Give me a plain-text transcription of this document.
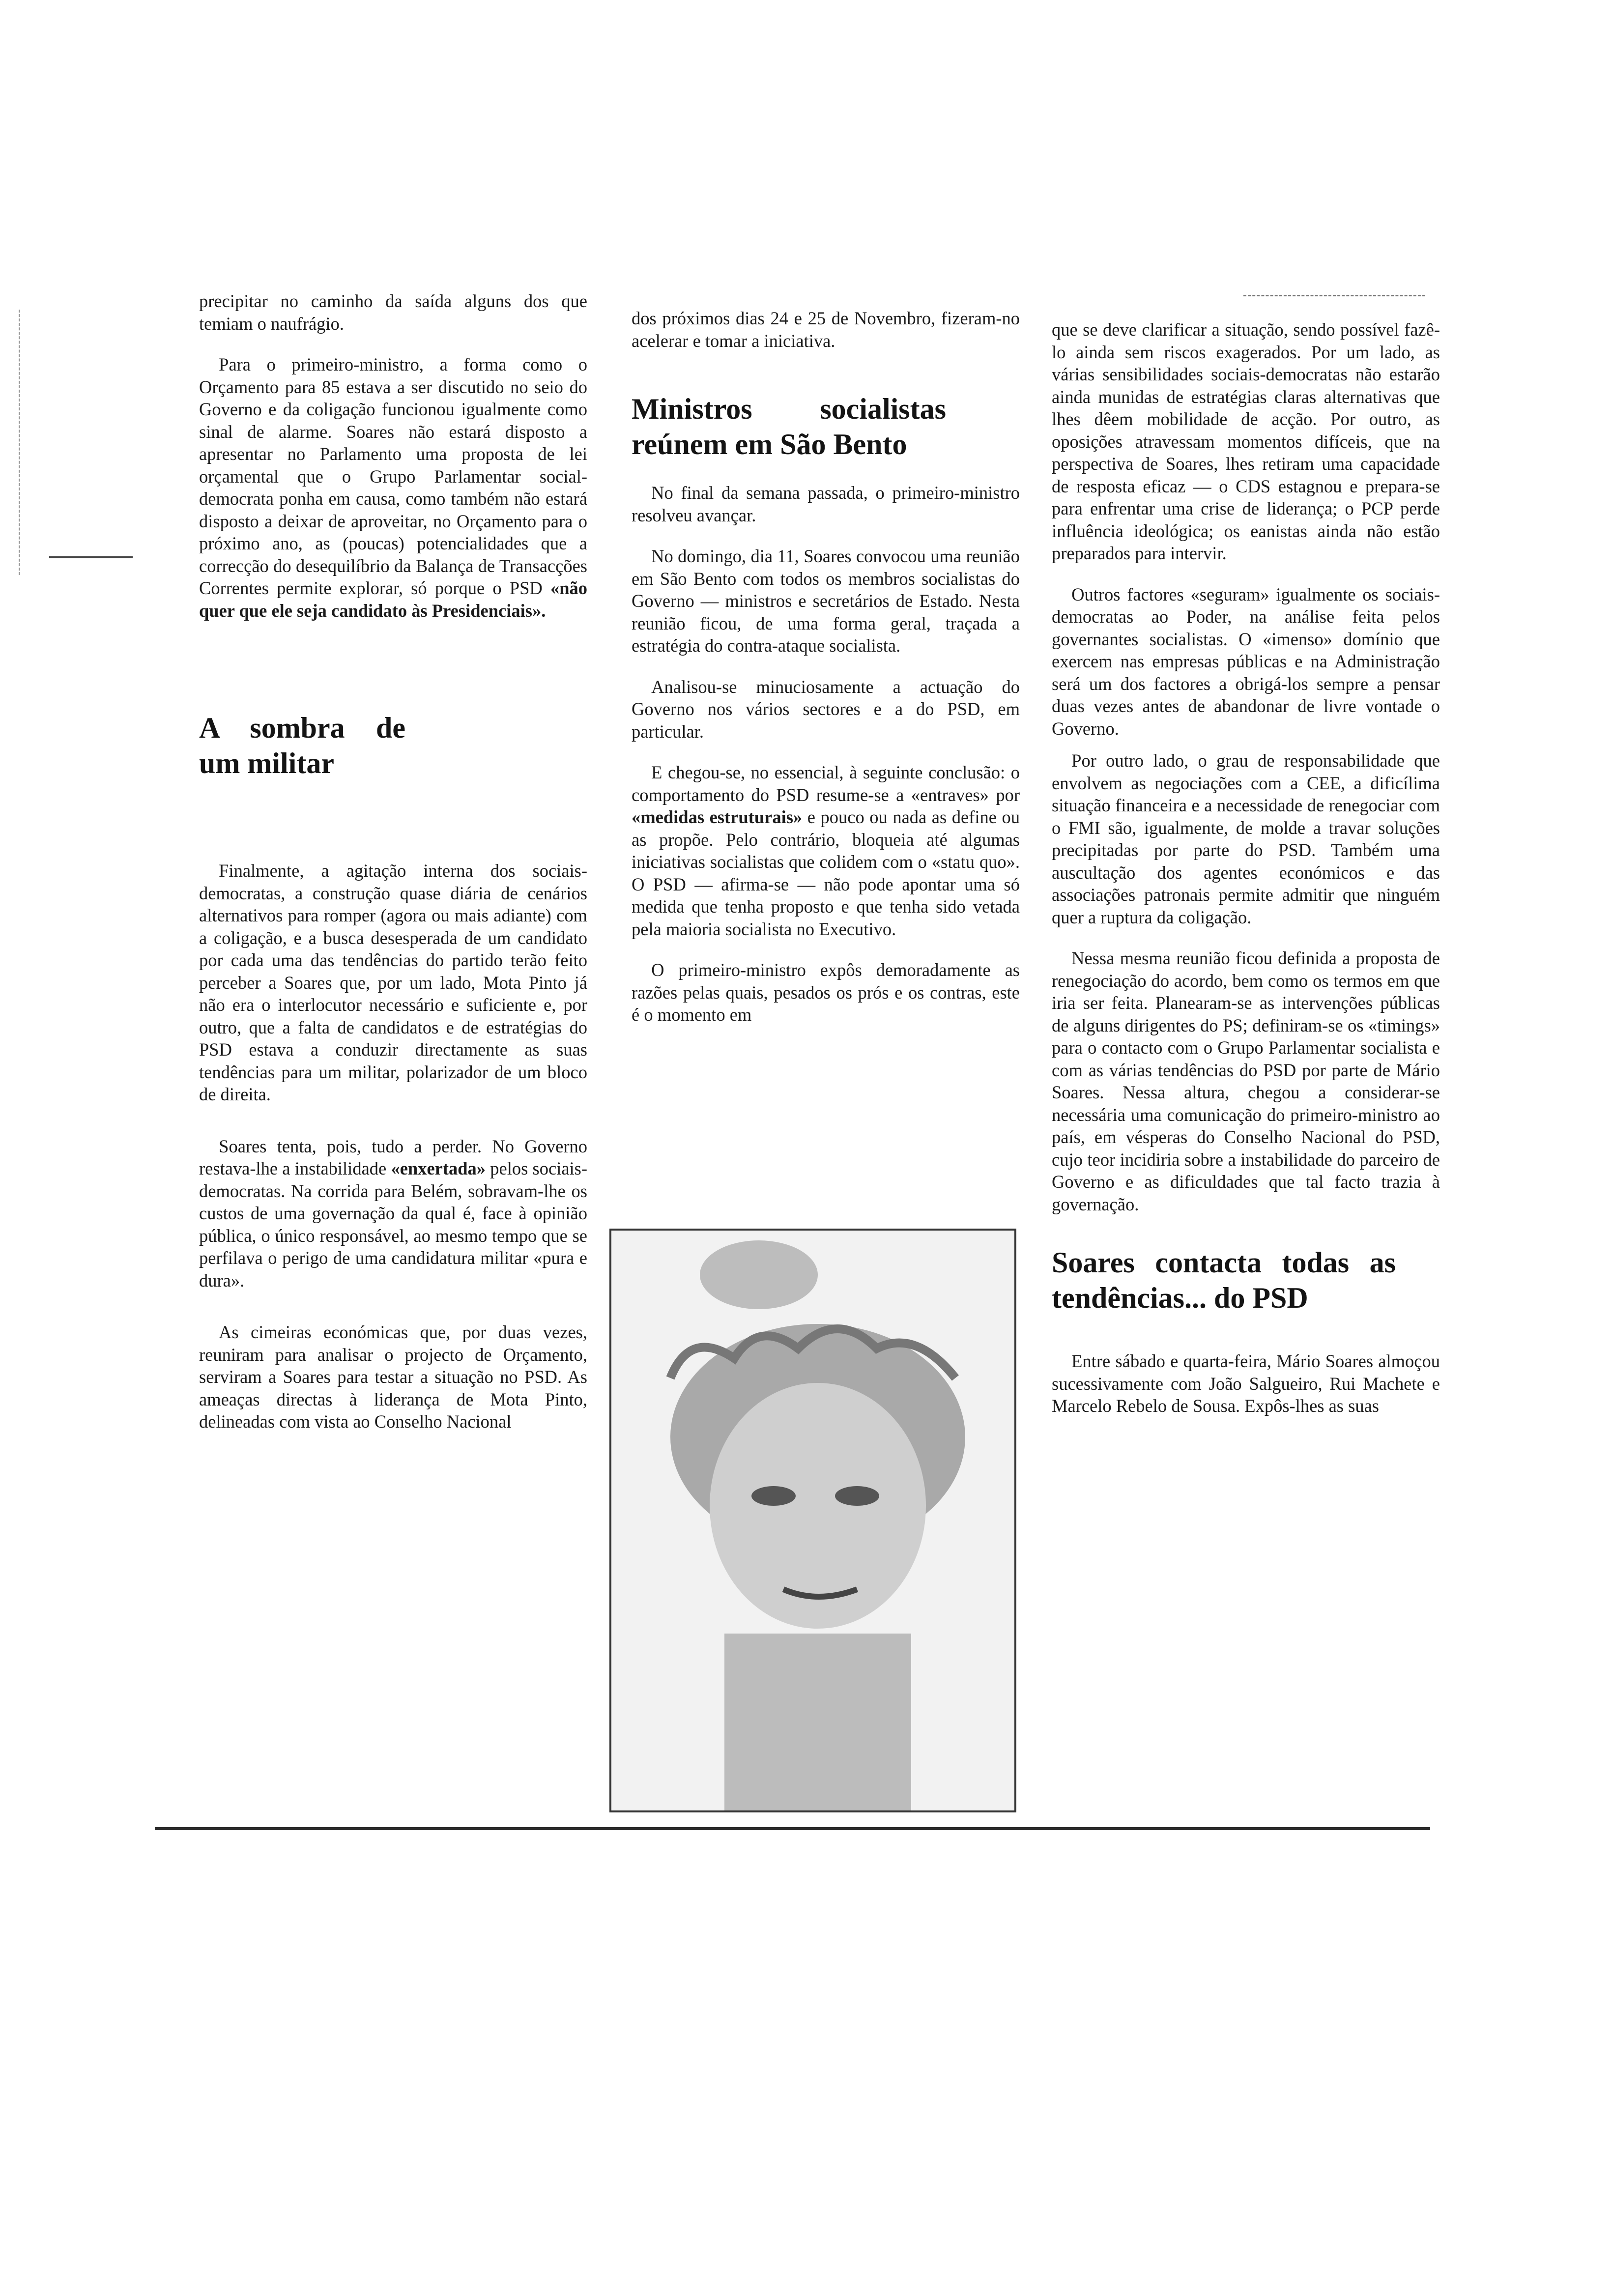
precipitar no caminho da saída alguns dos que temiam o naufrágio.

Para o primeiro-ministro, a forma como o Orçamento para 85 estava a ser discutido no seio do Governo e da coligação funcionou igualmente como sinal de alarme. Soares não estará disposto a apresentar no Parlamento uma proposta de lei orçamental que o Grupo Parlamentar social-democrata ponha em causa, como também não estará disposto a deixar de aproveitar, no Orçamento para o próximo ano, as (poucas) potencialidades que a correcção do desequilíbrio da Balança de Transacções Correntes permite explorar, só porque o PSD «não quer que ele seja candidato às Presidenciais».

A sombra de um militar

Finalmente, a agitação interna dos sociais-democratas, a construção quase diária de cenários alternativos para romper (agora ou mais adiante) com a coligação, e a busca desesperada de um candidato por cada uma das tendências do partido terão feito perceber a Soares que, por um lado, Mota Pinto já não era o interlocutor necessário e suficiente e, por outro, que a falta de candidatos e de estratégias do PSD estava a conduzir directamente as suas tendências para um militar, polarizador de um bloco de direita.

Soares tenta, pois, tudo a perder. No Governo restava-lhe a instabilidade «enxertada» pelos sociais-democratas. Na corrida para Belém, sobravam-lhe os custos de uma governação da qual é, face à opinião pública, o único responsável, ao mesmo tempo que se perfilava o perigo de uma candidatura militar «pura e dura».

As cimeiras económicas que, por duas vezes, reuniram para analisar o projecto de Orçamento, serviram a Soares para testar a situação no PSD. As ameaças directas à liderança de Mota Pinto, delineadas com vista ao Conselho Nacional

dos próximos dias 24 e 25 de Novembro, fizeram-no acelerar e tomar a iniciativa.

Ministros socialistas reúnem em São Bento

No final da semana passada, o primeiro-ministro resolveu avançar.

No domingo, dia 11, Soares convocou uma reunião em São Bento com todos os membros socialistas do Governo — ministros e secretários de Estado. Nesta reunião ficou, de uma forma geral, traçada a estratégia do contra-ataque socialista.

Analisou-se minuciosamente a actuação do Governo nos vários sectores e a do PSD, em particular.

E chegou-se, no essencial, à seguinte conclusão: o comportamento do PSD resume-se a «entraves» por «medidas estruturais» e pouco ou nada as define ou as propõe. Pelo contrário, bloqueia até algumas iniciativas socialistas que colidem com o «statu quo». O PSD — afirma-se — não pode apontar uma só medida que tenha proposto e que tenha sido vetada pela maioria socialista no Executivo.

O primeiro-ministro expôs demoradamente as razões pelas quais, pesados os prós e os contras, este é o momento em

que se deve clarificar a situação, sendo possível fazê-lo ainda sem riscos exagerados. Por um lado, as várias sensibilidades sociais-democratas não estarão ainda munidas de estratégias claras alternativas que lhes dêem mobilidade de acção. Por outro, as oposições atravessam momentos difíceis, que na perspectiva de Soares, lhes retiram uma capacidade de resposta eficaz — o CDS estagnou e prepara-se para enfrentar uma crise de liderança; o PCP perde influência ideológica; os eanistas ainda não estão preparados para intervir.

Outros factores «seguram» igualmente os sociais-democratas ao Poder, na análise feita pelos governantes socialistas. O «imenso» domínio que exercem nas empresas públicas e na Administração será um dos factores a obrigá-los sempre a pensar duas vezes antes de abandonar de livre vontade o Governo.

Por outro lado, o grau de responsabilidade que envolvem as negociações com a CEE, a dificílima situação financeira e a necessidade de renegociar com o FMI são, igualmente, de molde a travar soluções precipitadas por parte do PSD. Também uma auscultação dos agentes económicos e das associações patronais permite admitir que ninguém quer a ruptura da coligação.

Nessa mesma reunião ficou definida a proposta de renegociação do acordo, bem como os termos em que iria ser feita. Planearam-se as intervenções públicas de alguns dirigentes do PS; definiram-se os «timings» para o contacto com o Grupo Parlamentar socialista e com as várias tendências do PSD por parte de Mário Soares. Nessa altura, chegou a considerar-se necessária uma comunicação do primeiro-ministro ao país, em vésperas do Conselho Nacional do PSD, cujo teor incidiria sobre a instabilidade do parceiro de Governo e as dificuldades que tal facto trazia à governação.

Soares contacta todas as tendências... do PSD

Entre sábado e quarta-feira, Mário Soares almoçou sucessivamente com João Salgueiro, Rui Machete e Marcelo Rebelo de Sousa. Expôs-lhes as suas
